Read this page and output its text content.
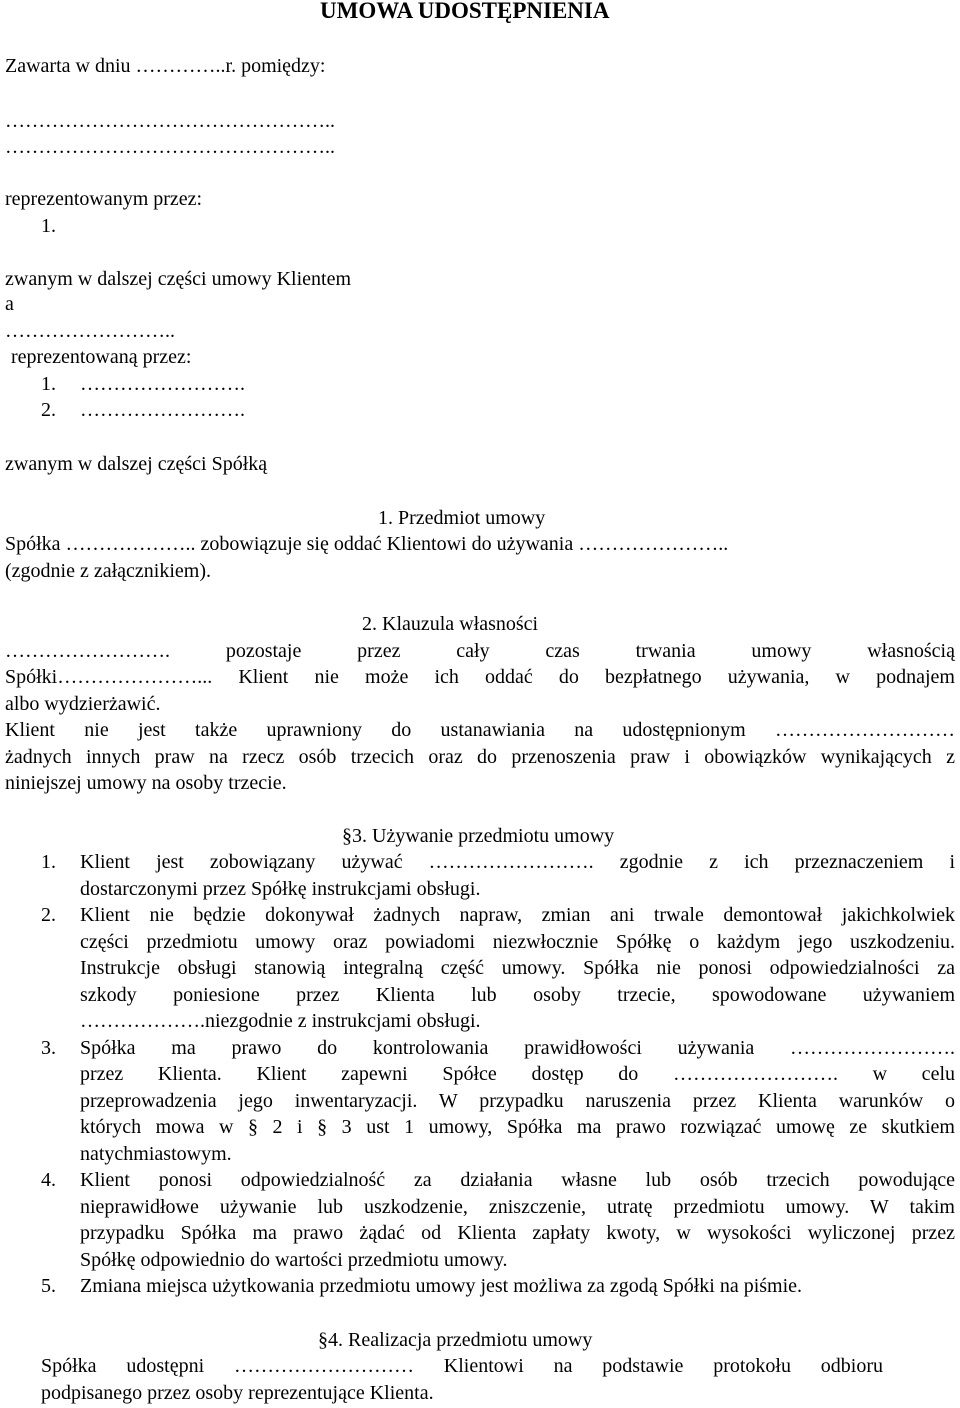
UMOWA UDOSTĘPNIENIA
Zawarta w dniu …………..r. pomiędzy:
…………………………………………..
…………………………………………..
reprezentowanym przez:
1.
zwanym w dalszej części umowy Klientem
a
……………………..
reprezentowaną przez:
1. …………………….
2. …………………….
zwanym w dalszej części Spółką
1. Przedmiot umowy
Spółka ……………….. zobowiązuje się oddać Klientowi do używania …………………..
(zgodnie z załącznikiem).
2. Klauzula własności
……………………. pozostaje przez cały czas trwania umowy własnością
Spółki…………………... Klient nie może ich oddać do bezpłatnego używania, w podnajem
albo wydzierżawić.
Klient nie jest także uprawniony do ustanawiania na udostępnionym ………………………
żadnych innych praw na rzecz osób trzecich oraz do przenoszenia praw i obowiązków wynikających z
niniejszej umowy na osoby trzecie.
§3. Używanie przedmiotu umowy
1. Klient jest zobowiązany używać ……………………. zgodnie z ich przeznaczeniem i
dostarczonymi przez Spółkę instrukcjami obsługi.
2. Klient nie będzie dokonywał żadnych napraw, zmian ani trwale demontował jakichkolwiek
części przedmiotu umowy oraz powiadomi niezwłocznie Spółkę o każdym jego uszkodzeniu.
Instrukcje obsługi stanowią integralną część umowy. Spółka nie ponosi odpowiedzialności za
szkody poniesione przez Klienta lub osoby trzecie, spowodowane używaniem
……………….niezgodnie z instrukcjami obsługi.
3. Spółka ma prawo do kontrolowania prawidłowości używania …………………….
przez Klienta. Klient zapewni Spółce dostęp do ……………………. w celu
przeprowadzenia jego inwentaryzacji. W przypadku naruszenia przez Klienta warunków o
których mowa w § 2 i § 3 ust 1 umowy, Spółka ma prawo rozwiązać umowę ze skutkiem
natychmiastowym.
4. Klient ponosi odpowiedzialność za działania własne lub osób trzecich powodujące
nieprawidłowe używanie lub uszkodzenie, zniszczenie, utratę przedmiotu umowy. W takim
przypadku Spółka ma prawo żądać od Klienta zapłaty kwoty, w wysokości wyliczonej przez
Spółkę odpowiednio do wartości przedmiotu umowy.
5. Zmiana miejsca użytkowania przedmiotu umowy jest możliwa za zgodą Spółki na piśmie.
§4. Realizacja przedmiotu umowy
Spółka udostępni ……………………… Klientowi na podstawie protokołu odbioru
podpisanego przez osoby reprezentujące Klienta.
